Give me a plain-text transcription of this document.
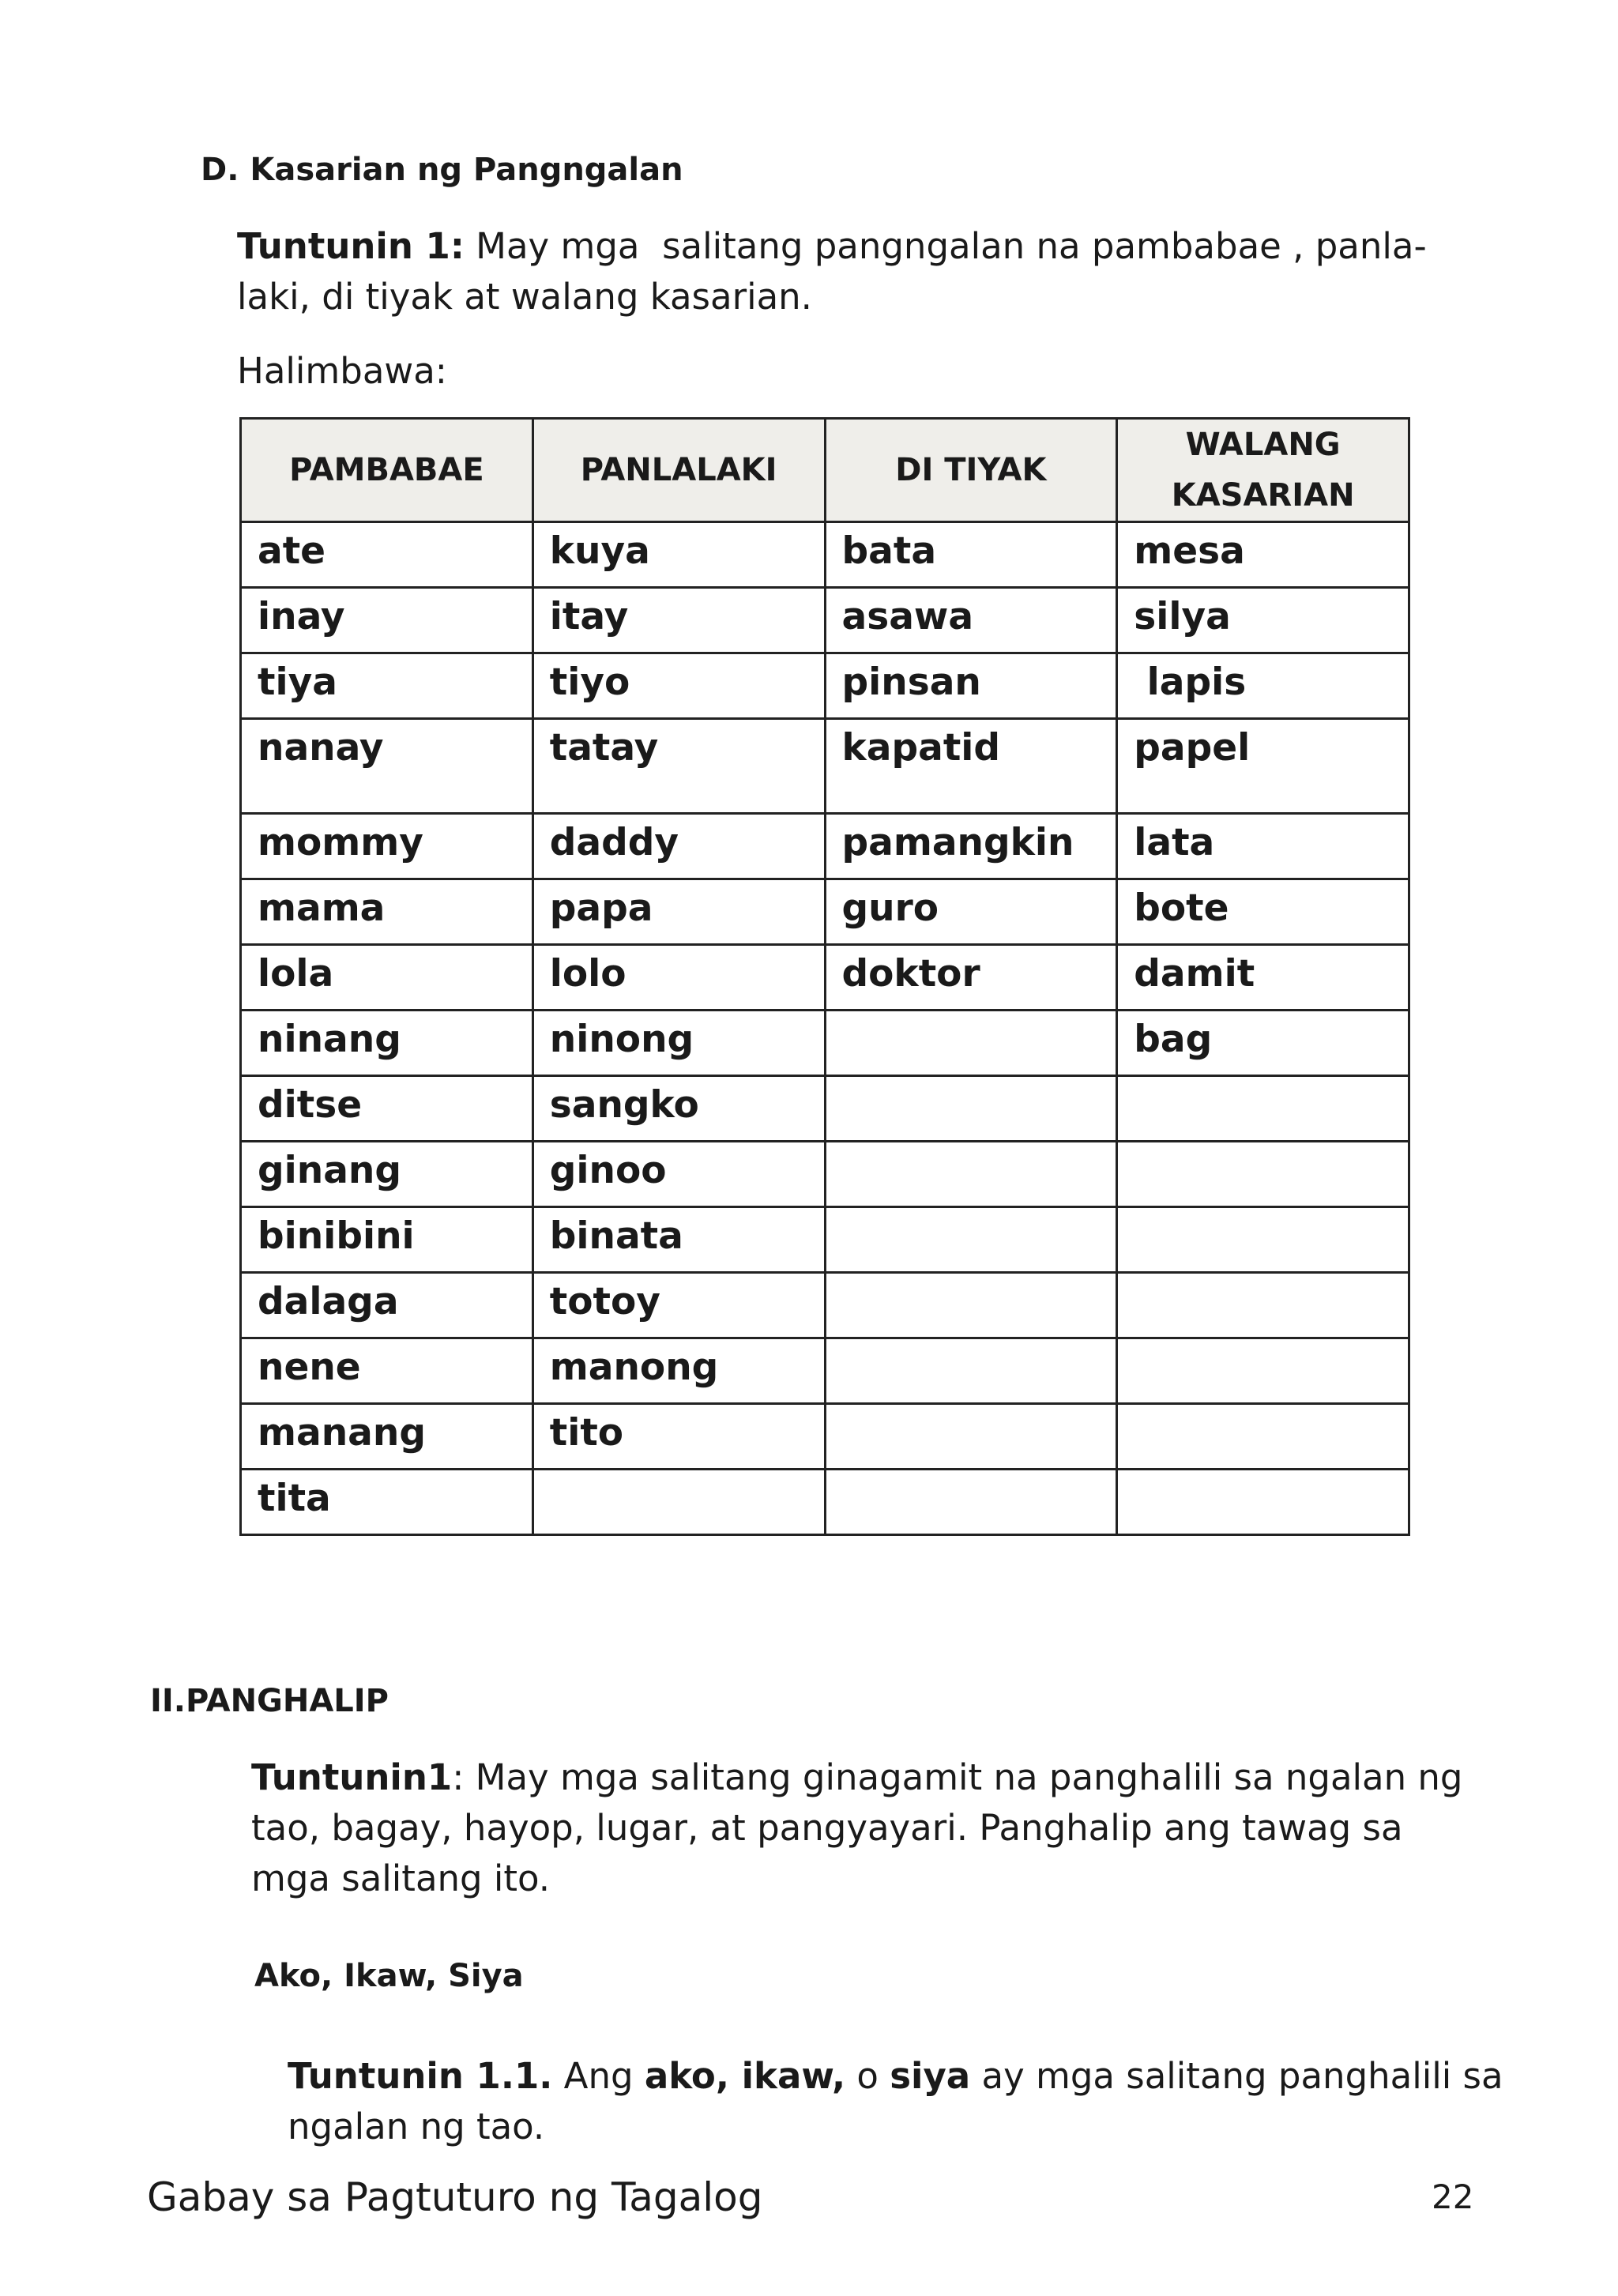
D. Kasarian ng Pangngalan
Tuntunin 1: May mga  salitang pangngalan na pambabae , panla-
laki, di tiyak at walang kasarian.
Halimbawa:
PAMBABAE	PANLALAKI	DI TIYAK	WALANG KASARIAN
ate	kuya	bata	mesa
inay	itay	asawa	silya
tiya	tiyo	pinsan	lapis
nanay	tatay	kapatid	papel
mommy	daddy	pamangkin	lata
mama	papa	guro	bote
lola	lolo	doktor	damit
ninang	ninong		bag
ditse	sangko		
ginang	ginoo		
binibini	binata		
dalaga	totoy		
nene	manong		
manang	tito		
tita			
II.PANGHALIP
Tuntunin1: May mga salitang ginagamit na panghalili sa ngalan ng
tao, bagay, hayop, lugar, at pangyayari. Panghalip ang tawag sa
mga salitang ito.
Ako, Ikaw, Siya
Tuntunin 1.1. Ang ako, ikaw, o siya ay mga salitang panghalili sa
ngalan ng tao.
Gabay sa Pagtuturo ng Tagalog	22
